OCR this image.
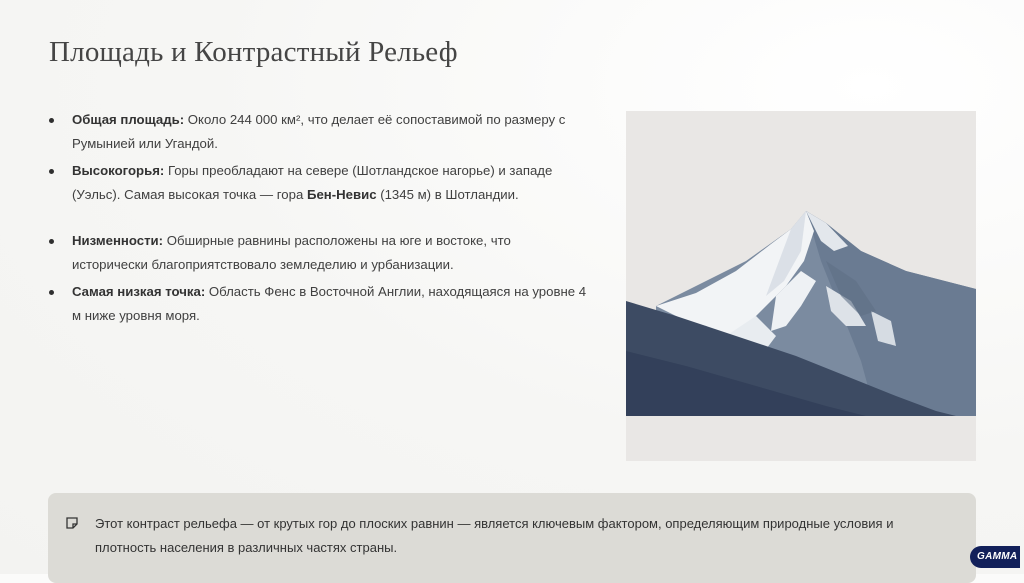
Площадь и Контрастный Рельеф
Общая площадь: Около 244 000 км², что делает её сопоставимой по размеру с Румынией или Угандой.
Высокогорья: Горы преобладают на севере (Шотландское нагорье) и западе (Уэльс). Самая высокая точка — гора Бен-Невис (1345 м) в Шотландии.
Низменности: Обширные равнины расположены на юге и востоке, что исторически благоприятствовало земледелию и урбанизации.
Самая низкая точка: Область Фенс в Восточной Англии, находящаяся на уровне 4 м ниже уровня моря.
Этот контраст рельефа — от крутых гор до плоских равнин — является ключевым фактором, определяющим природные условия и плотность населения в различных частях страны.
GAMMA
